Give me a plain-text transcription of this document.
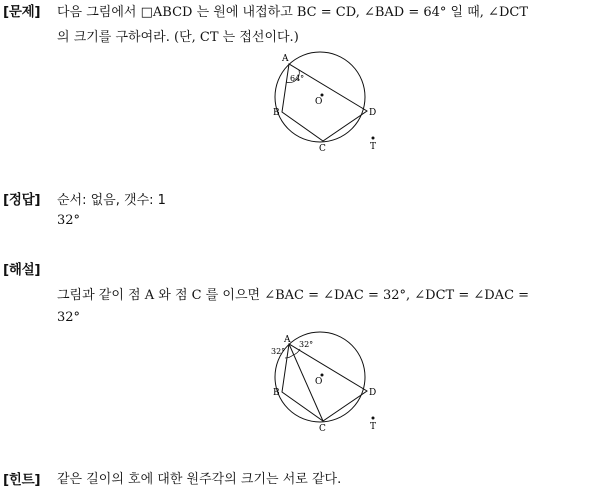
[문제] 다음 그림에서 □ABCD 는 원에 내접하고 BC = CD, ∠BAD = 64° 일 때, ∠DCT
의 크기를 구하여라. (단, CT 는 접선이다.)
A
B
C
D
O
T
64°
[정답] 순서: 없음, 갯수: 1
32°
[해설]
그림과 같이 점 A 와 점 C 를 이으면 ∠BAC = ∠DAC = 32°, ∠DCT = ∠DAC =
32°
A
B
C
D
O
T
32°
32°
[힌트] 같은 길이의 호에 대한 원주각의 크기는 서로 같다.
